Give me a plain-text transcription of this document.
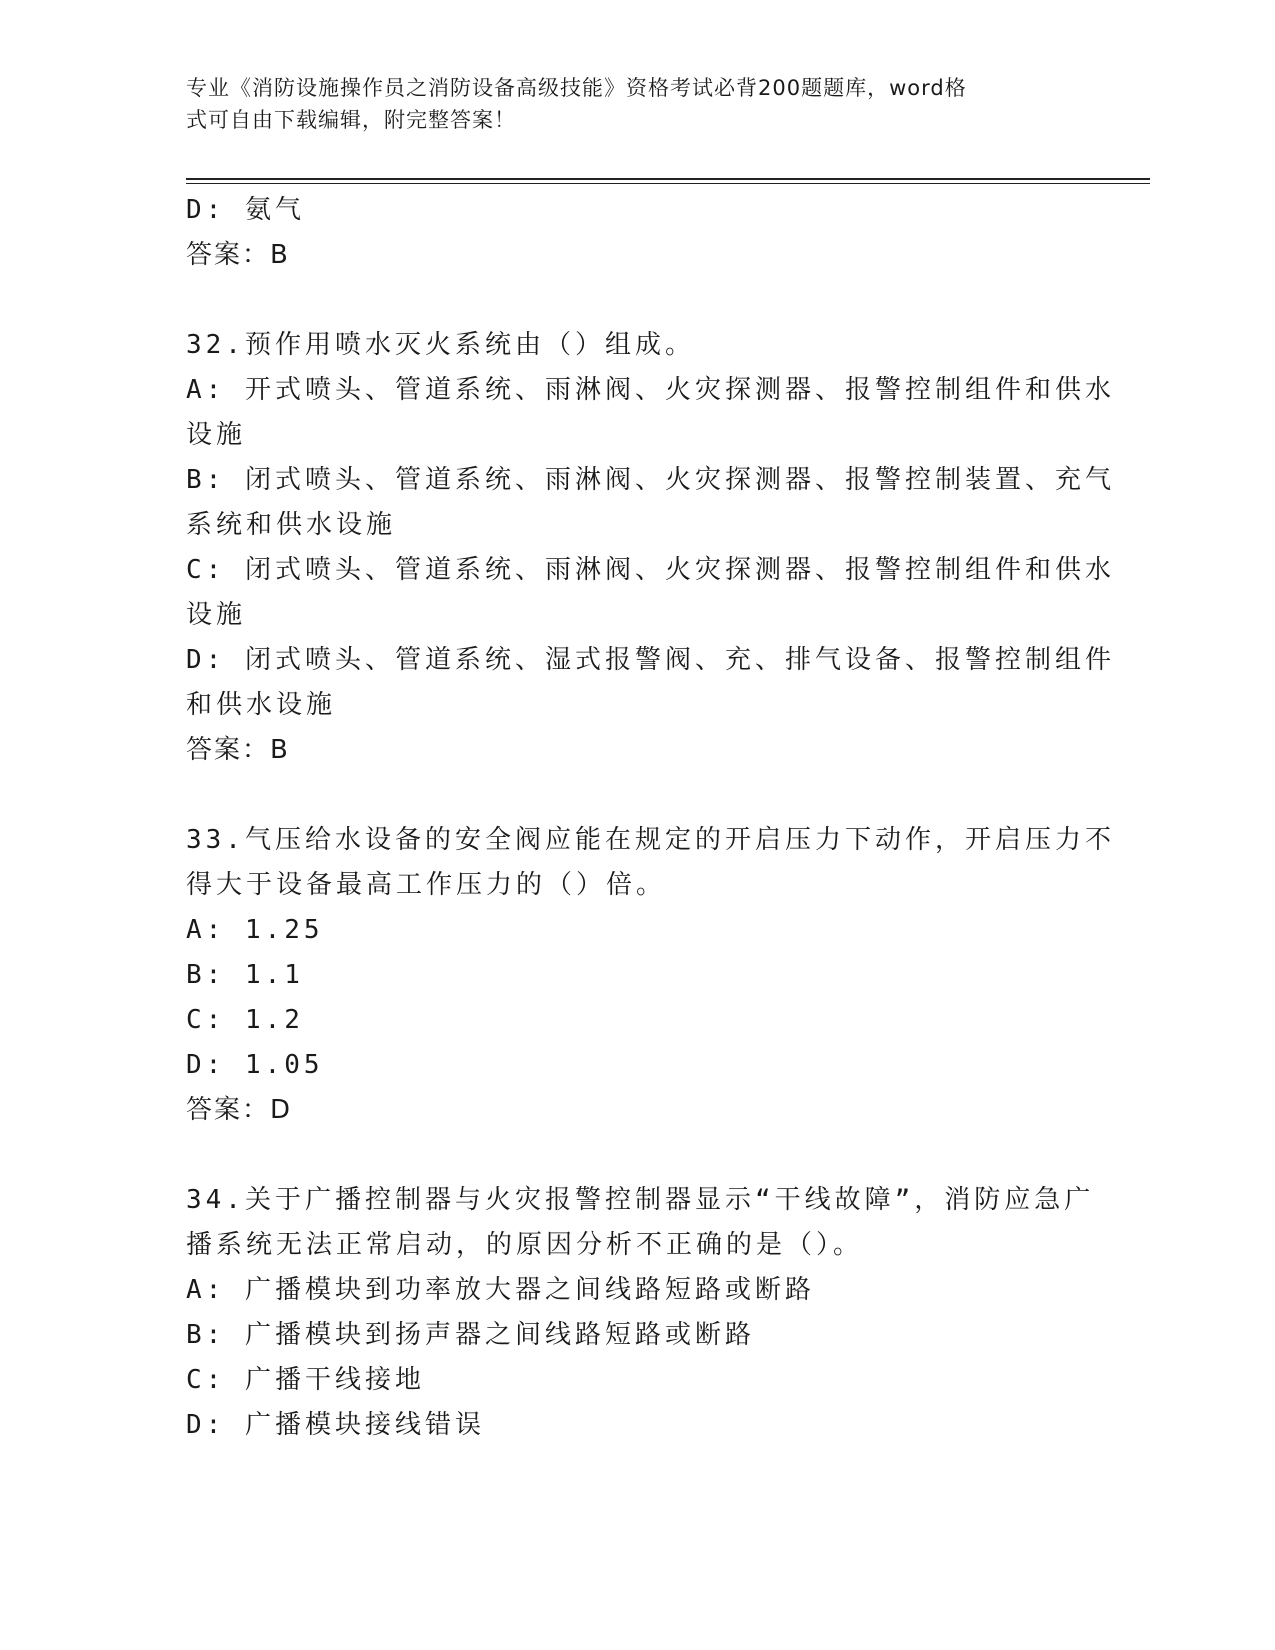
专业《消防设施操作员之消防设备高级技能》资格考试必背200题题库，word格
式可自由下载编辑，附完整答案！
D: 氨气
答案：B
32.预作用喷水灭火系统由（）组成。
A: 开式喷头、管道系统、雨淋阀、火灾探测器、报警控制组件和供水
设施
B: 闭式喷头、管道系统、雨淋阀、火灾探测器、报警控制装置、充气
系统和供水设施
C: 闭式喷头、管道系统、雨淋阀、火灾探测器、报警控制组件和供水
设施
D: 闭式喷头、管道系统、湿式报警阀、充、排气设备、报警控制组件
和供水设施
答案：B
33.气压给水设备的安全阀应能在规定的开启压力下动作，开启压力不
得大于设备最高工作压力的（）倍。
A: 1.25
B: 1.1
C: 1.2
D: 1.05
答案：D
34.关于广播控制器与火灾报警控制器显示“干线故障”，消防应急广
播系统无法正常启动，的原因分析不正确的是（）。
A: 广播模块到功率放大器之间线路短路或断路
B: 广播模块到扬声器之间线路短路或断路
C: 广播干线接地
D: 广播模块接线错误
